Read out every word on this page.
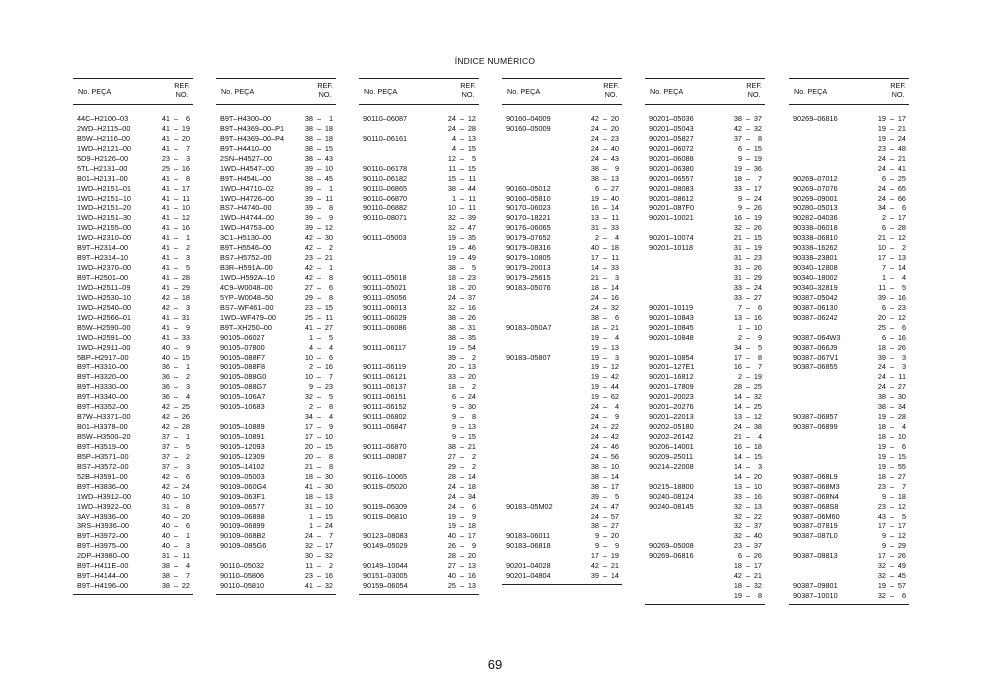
ÍNDICE NUMÉRICO
No. PEÇA
REF.
NO.
44C–H2100–03	41 –	6
2WD–H2115–00	41 – 19
B5W–H2116–00	41 – 20
1WD–H2121–00	41 –	7
5D9–H2126–00	23 –	3
5TL–H2131–00	25 – 16
B01–H2131–00	41 –	8
1WD–H2151–01	41 – 17
1WD–H2151–10	41 – 11
1WD–H2151–20	41 – 10
1WD–H2151–30	41 – 12
1WD–H2155–00	41 – 16
1WD–H2310–00	41 –	1
B9T–H2314–00	41 –	2
B9T–H2314–10	41 –	3
1WD–H2370–00	41 –	5
B9T–H2501–00	41 – 28
1WD–H2511–09	41 – 29
1WD–H2530–10	42 – 18
1WD–H2540–00	42 –	3
1WD–H2566–01	41 – 31
B5W–H2590–00	41 –	9
1WD–H2591–00	41 – 33
1WD–H2911–00	40 –	9
5BP–H2917–00	40 – 15
B9T–H3310–00	36 –	1
B9T–H3320–00	36 –	2
B9T–H3330–00	36 –	3
B9T–H3340–00	36 –	4
B9T–H3352–00	42 – 25
B7W–H3371–00	42 – 26
B01–H3378–00	42 – 28
B5W–H3500–20	37 –	1
B9T–H3519–00	37 –	5
B5P–H3571–00	37 –	2
BS7–H3572–00	37 –	3
52B–H3591–00	42 –	6
B9T–H3836–00	42 – 24
1WD–H3912–00	40 – 10
1WD–H3922–00	31 –	8
3AY–H3936–00	40 – 20
3RS–H3936–00	40 –	6
B9T–H3972–00	40 –	1
B9T–H3975–00	40 –	3
2DP–H3980–00	31 – 11
B9T–H411E–00	38 –	4
B9T–H4144–00	38 –	7
B9T–H4196–00	38 – 22
No. PEÇA
REF.
NO.
B9T–H4300–00	38 –	1
B9T–H4369–00–P1	38 – 18
B9T–H4369–00–P4	38 – 18
B9T–H4410–00	38 – 15
2SN–H4527–00	38 – 43
1WD–H4547–00	39 – 10
B9T–H454L–00	38 – 45
1WD–H4710–02	39 –	1
1WD–H4726–00	39 – 11
BS7–H4740–00	39 –	8
1WD–H4744–00	39 –	9
1WD–H4753–00	39 – 12
3C1–H5130–00	42 – 30
B9T–H5546–00	42 –	2
BS7–H5752–00	23 – 21
B3R–H591A–00	42 –	1
1WD–H592A–10	42 –	8
4C9–W0048–00	27 –	6
5YP–W0048–50	29 –	8
BS7–WF461–00	23 – 15
1WD–WF479–00	25 – 11
B9T–XH250–00	41 – 27
90105–06027	1 –	5
90105–07800	4 –	4
90105–088F7	10 –	6
90105–088F8	2 – 16
90105–088G0	10 –	7
90105–088G7	9 – 23
90105–106A7	32 –	5
90105–10683	2 –	8
34 –	4
90105–10889	17 –	9
90105–10891	17 – 10
90105–12093	20 – 15
90105–12309	20 –	8
90105–14102	21 –	8
90109–05003	18 – 30
90109–060G4	41 – 30
90109–063F1	18 – 13
90109–06577	31 – 10
90109–06898	1 – 15
90109–06899	1 – 24
90109–068B2	24 –	7
90109–085G6	32 – 17
30 – 32
90110–05032	11 –	2
90110–05806	23 – 16
90110–05810	41 – 32
No. PEÇA
REF.
NO.
90110–06087	24 – 12
24 – 28
90110–06161	4 – 13
4 – 15
12 –	5
90110–06178	11 – 15
90110–06182	15 – 11
90110–06865	38 – 44
90110–06870	1 – 11
90110–06882	10 – 11
90110–08071	32 – 39
32 – 47
90111–05003	19 – 35
19 – 46
19 – 49
38 –	5
90111–05018	18 – 23
90111–05021	18 – 20
90111–05056	24 – 37
90111–06013	32 – 16
90111–06029	38 – 26
90111–06086	38 – 31
38 – 35
90111–06117	19 – 54
39 –	2
90111–06119	20 – 13
90111–06121	33 – 20
90111–06137	18 –	2
90111–06151	6 – 24
90111–06152	9 – 30
90111–06802	9 –	8
90111–06847	9 – 13
9 – 15
90111–06870	38 – 21
90111–08087	27 –	2
29 –	2
90116–10065	28 – 14
90119–05020	24 – 18
24 – 34
90119–06309	24 –	6
90119–06810	19 –	9
19 – 18
90123–08083	40 – 17
90149–05029	26 –	9
28 – 20
90149–10044	27 – 13
90151–03005	40 – 16
90159–06054	25 – 13
No. PEÇA
REF.
NO.
90160–04009	42 – 20
90160–05009	24 – 20
24 – 23
24 – 40
24 – 43
38 –	9
38 – 13
90160–05012	6 – 27
90160–05810	19 – 40
90170–06023	16 – 14
90170–18221	13 – 11
90176–06065	31 – 33
90179–07652	2 –	4
90179–08316	40 – 18
90179–10805	17 – 11
90179–20013	14 – 33
90179–25615	21 –	3
90183–05076	18 – 14
24 – 16
24 – 32
38 –	6
90183–050A7	18 – 21
19 –	4
19 – 13
90183–05807	19 –	3
19 – 12
19 – 42
19 – 44
19 – 62
24 –	4
24 –	9
24 – 22
24 – 42
24 – 46
24 – 56
38 – 10
38 – 14
38 – 17
39 –	5
90183–05M02	24 – 47
24 – 57
38 – 27
90183–06011	9 – 20
90183–06818	9 –	9
17 – 19
90201–04028	42 – 21
90201–04804	39 – 14
No. PEÇA
REF.
NO.
90201–05036	38 – 37
90201–05043	42 – 32
90201–05827	37 –	8
90201–06072	6 – 15
90201–06088	9 – 19
90201–06380	19 – 36
90201–06557	18 –	7
90201–08083	33 – 17
90201–08612	9 – 24
90201–087F0	9 – 26
90201–10021	16 – 19
32 – 26
90201–10074	21 – 15
90201–10118	31 – 19
31 – 23
31 – 26
31 – 29
33 – 24
33 – 27
90201–10119	7 –	6
90201–10843	13 – 16
90201–10845	1 – 10
90201–10848	2 –	9
34 –	5
90201–10854	17 –	8
90201–127E1	16 –	7
90201–16812	2 – 19
90201–17809	28 – 25
90201–20023	14 – 32
90201–20276	14 – 25
90201–22013	13 – 12
90202–05180	24 – 38
90202–26142	21 –	4
90206–14001	16 – 18
90209–25011	14 – 15
90214–22008	14 –	3
14 – 20
90215–18800	13 – 10
90240–08124	33 – 16
90240–08145	32 – 13
32 – 22
32 – 37
32 – 40
90269–05008	23 – 37
90269–06816	6 – 26
18 – 17
42 – 21
18 – 32
19 –	8
No. PEÇA
REF.
NO.
90269–06816	19 – 17
19 – 21
19 – 24
23 – 48
24 – 21
24 – 41
90269–07012	6 – 25
90269–07076	24 – 65
90269–09001	24 – 66
90280–05013	34 –	6
90282–04036	2 – 17
90338–06018	6 – 28
90338–06810	21 – 12
90338–16262	10 –	2
90338–23801	17 – 13
90340–12808	7 – 14
90340–18002	1 –	4
90340–32819	11 –	5
90387–05042	39 – 16
90387–06130	6 – 23
90387–06242	20 – 12
25 –	6
90387–064W3	6 – 16
90387–066J9	18 – 26
90387–067V1	39 –	3
90387–06855	24 –	3
24 – 11
24 – 27
38 – 30
38 – 34
90387–06857	19 – 28
90387–06899	18 –	4
18 – 10
19 –	6
19 – 15
19 – 55
90387–068L9	18 – 27
90387–068M3	23 –	7
90387–068N4	9 – 18
90387–068S8	23 – 12
90387–06M60	43 –	5
90387–07819	17 – 17
90387–087L0	9 – 12
9 – 29
90387–08813	17 – 26
32 – 49
32 – 45
90387–09801	19 – 57
90387–10010	32 –	6
69
